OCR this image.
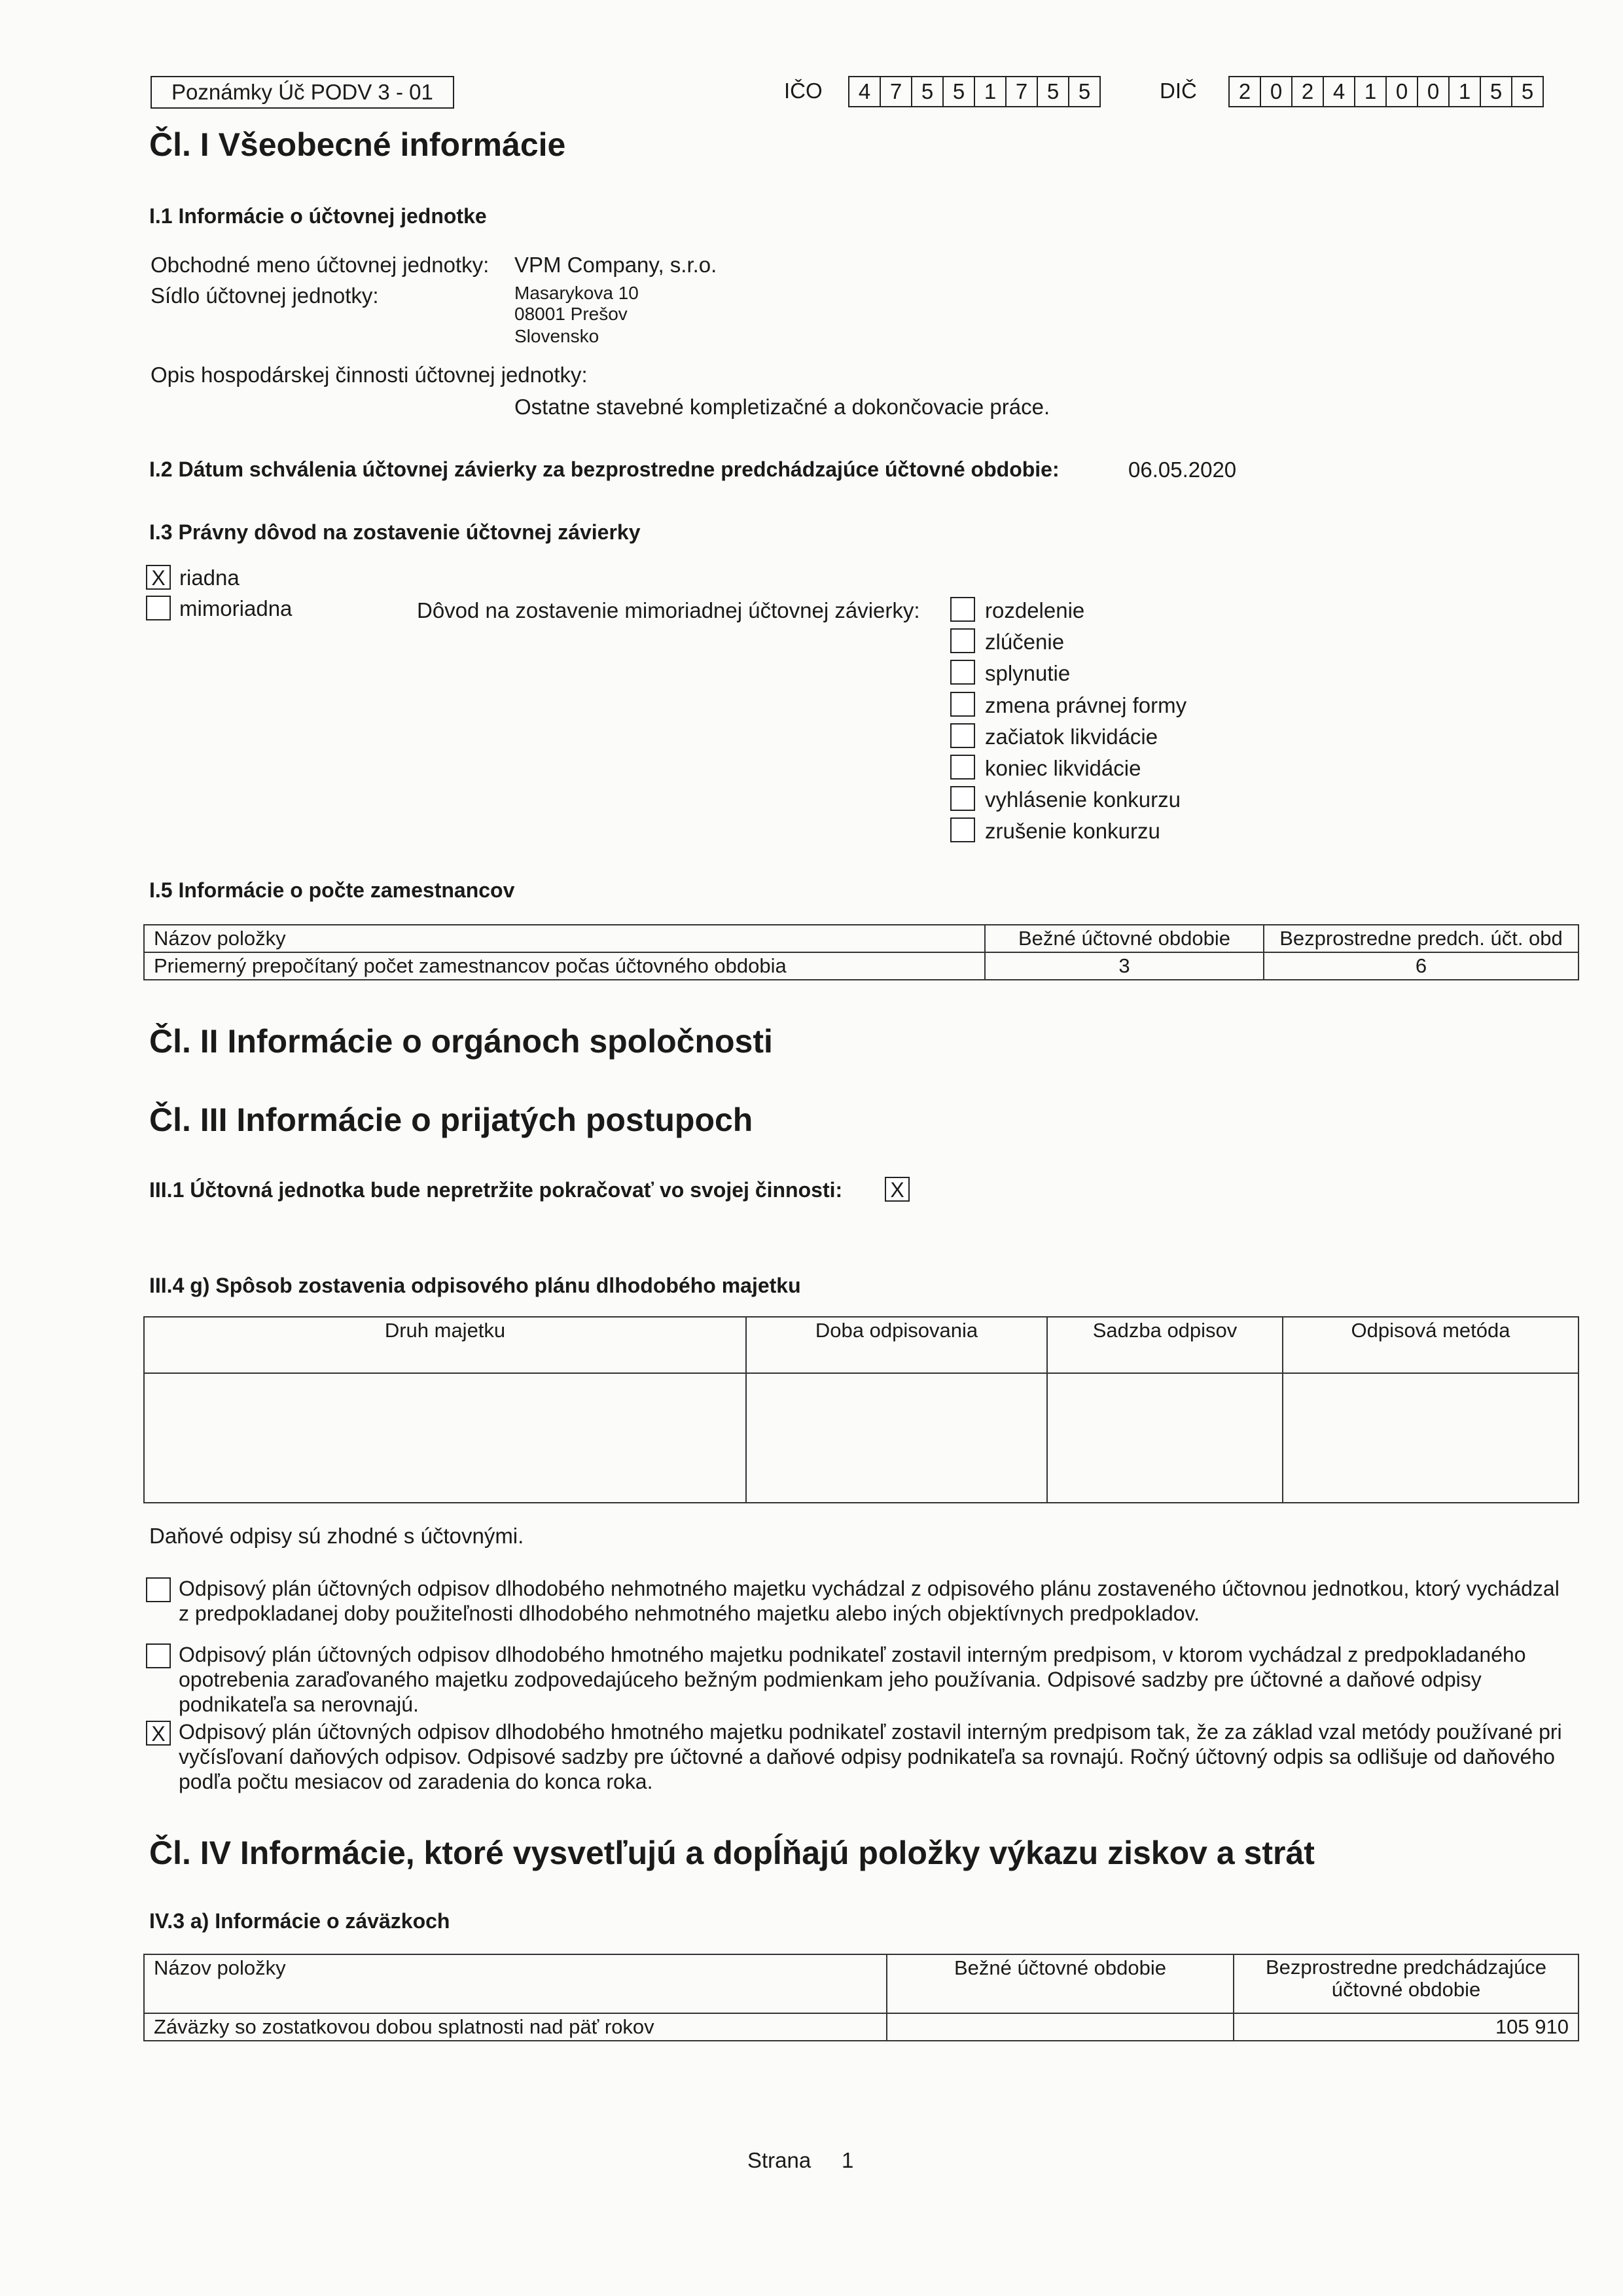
Poznámky Úč PODV 3 - 01	IČO	4 7 5 5 1 7 5 5	DIČ	2 0 2 4 1 0 0 1 5 5
Čl. I Všeobecné informácie
I.1 Informácie o účtovnej jednotke
Obchodné meno účtovnej jednotky: VPM Company, s.r.o.
Sídlo účtovnej jednotky:	Masarykova 10
08001 Prešov
Slovensko
Opis hospodárskej činnosti účtovnej jednotky:
Ostatne stavebné kompletizačné a dokončovacie práce.
I.2 Dátum schválenia účtovnej závierky za bezprostredne predchádzajúce účtovné obdobie:	06.05.2020
I.3 Právny dôvod na zostavenie účtovnej závierky
X riadna
mimoriadna	Dôvod na zostavenie mimoriadnej účtovnej závierky:	rozdelenie
zlúčenie
splynutie
zmena právnej formy
začiatok likvidácie
koniec likvidácie
vyhlásenie konkurzu
zrušenie konkurzu
I.5 Informácie o počte zamestnancov
Názov položky	Bežné účtovné obdobie	Bezprostredne predch. účt. obd
Priemerný prepočítaný počet zamestnancov počas účtovného obdobia	3	6
Čl. II Informácie o orgánoch spoločnosti
Čl. III Informácie o prijatých postupoch
III.1 Účtovná jednotka bude nepretržite pokračovať vo svojej činnosti: X
III.4 g) Spôsob zostavenia odpisového plánu dlhodobého majetku
Druh majetku	Doba odpisovania	Sadzba odpisov	Odpisová metóda

Daňové odpisy sú zhodné s účtovnými.
Odpisový plán účtovných odpisov dlhodobého nehmotného majetku vychádzal z odpisového plánu zostaveného účtovnou jednotkou, ktorý vychádzal z predpokladanej doby použiteľnosti dlhodobého nehmotného majetku alebo iných objektívnych predpokladov.
Odpisový plán účtovných odpisov dlhodobého hmotného majetku podnikateľ zostavil interným predpisom, v ktorom vychádzal z predpokladaného opotrebenia zaraďovaného majetku zodpovedajúceho bežným podmienkam jeho používania. Odpisové sadzby pre účtovné a daňové odpisy podnikateľa sa nerovnajú.
X Odpisový plán účtovných odpisov dlhodobého hmotného majetku podnikateľ zostavil interným predpisom tak, že za základ vzal metódy používané pri vyčísľovaní daňových odpisov. Odpisové sadzby pre účtovné a daňové odpisy podnikateľa sa rovnajú. Ročný účtovný odpis sa odlišuje od daňového podľa počtu mesiacov od zaradenia do konca roka.
Čl. IV Informácie, ktoré vysvetľujú a dopĺňajú položky výkazu ziskov a strát
IV.3 a) Informácie o záväzkoch
Názov položky	Bežné účtovné obdobie	Bezprostredne predchádzajúce účtovné obdobie
Záväzky so zostatkovou dobou splatnosti nad päť rokov		105 910
Strana 1
